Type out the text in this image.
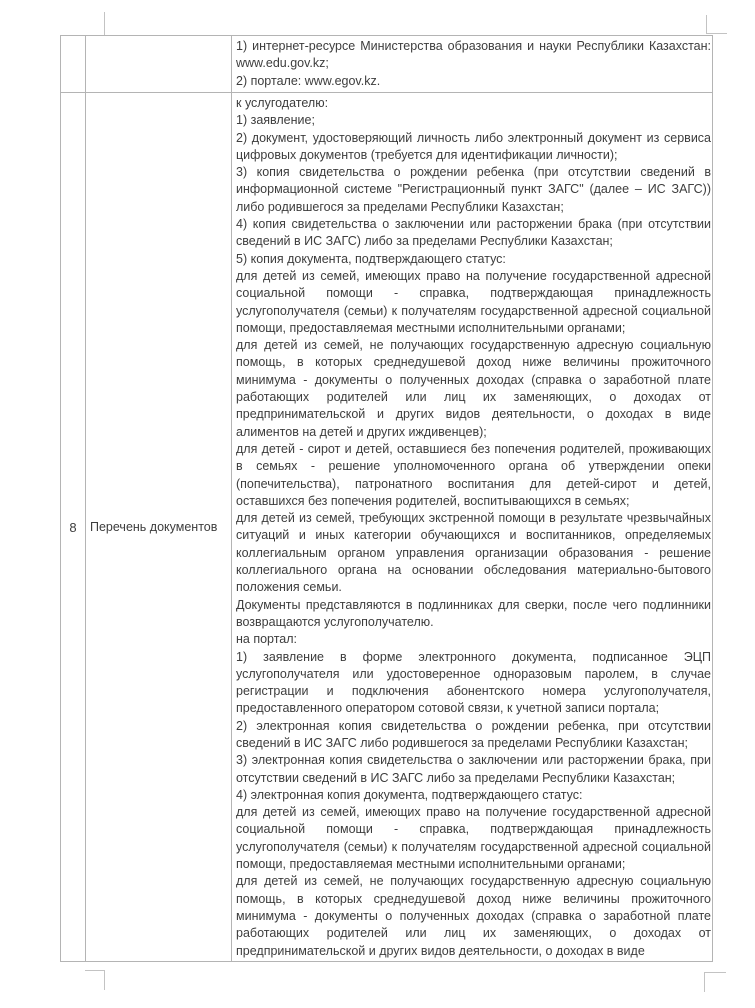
1) интернет-ресурсе Министерства образования и науки Республики Казахстан: www.edu.gov.kz;

2) портале: www.egov.kz.

8 Перечень документов

к услугодателю:

1) заявление;

2) документ, удостоверяющий личность либо электронный документ из сервиса цифровых документов (требуется для идентификации личности);

3) копия свидетельства о рождении ребенка (при отсутствии сведений в информационной системе "Регистрационный пункт ЗАГС" (далее – ИС ЗАГС)) либо родившегося за пределами Республики Казахстан;

4) копия свидетельства о заключении или расторжении брака (при отсутствии сведений в ИС ЗАГС) либо за пределами Республики Казахстан;

5) копия документа, подтверждающего статус:

для детей из семей, имеющих право на получение государственной адресной социальной помощи - справка, подтверждающая принадлежность услугополучателя (семьи) к получателям государственной адресной социальной помощи, предоставляемая местными исполнительными органами;

для детей из семей, не получающих государственную адресную социальную помощь, в которых среднедушевой доход ниже величины прожиточного минимума - документы о полученных доходах (справка о заработной плате работающих родителей или лиц их заменяющих, о доходах от предпринимательской и других видов деятельности, о доходах в виде алиментов на детей и других иждивенцев);

для детей - сирот и детей, оставшиеся без попечения родителей, проживающих в семьях - решение уполномоченного органа об утверждении опеки (попечительства), патронатного воспитания для детей-сирот и детей, оставшихся без попечения родителей, воспитывающихся в семьях;

для детей из семей, требующих экстренной помощи в результате чрезвычайных ситуаций и иных категории обучающихся и воспитанников, определяемых коллегиальным органом управления организации образования - решение коллегиального органа на основании обследования материально-бытового положения семьи.

Документы представляются в подлинниках для сверки, после чего подлинники возвращаются услугополучателю.

на портал:

1) заявление в форме электронного документа, подписанное ЭЦП услугополучателя или удостоверенное одноразовым паролем, в случае регистрации и подключения абонентского номера услугополучателя, предоставленного оператором сотовой связи, к учетной записи портала;

2) электронная копия свидетельства о рождении ребенка, при отсутствии сведений в ИС ЗАГС либо родившегося за пределами Республики Казахстан;

3) электронная копия свидетельства о заключении или расторжении брака, при отсутствии сведений в ИС ЗАГС либо за пределами Республики Казахстан;

4) электронная копия документа, подтверждающего статус:

для детей из семей, имеющих право на получение государственной адресной социальной помощи - справка, подтверждающая принадлежность услугополучателя (семьи) к получателям государственной адресной социальной помощи, предоставляемая местными исполнительными органами;

для детей из семей, не получающих государственную адресную социальную помощь, в которых среднедушевой доход ниже величины прожиточного минимума - документы о полученных доходах (справка о заработной плате работающих родителей или лиц их заменяющих, о доходах от предпринимательской и других видов деятельности, о доходах в виде
